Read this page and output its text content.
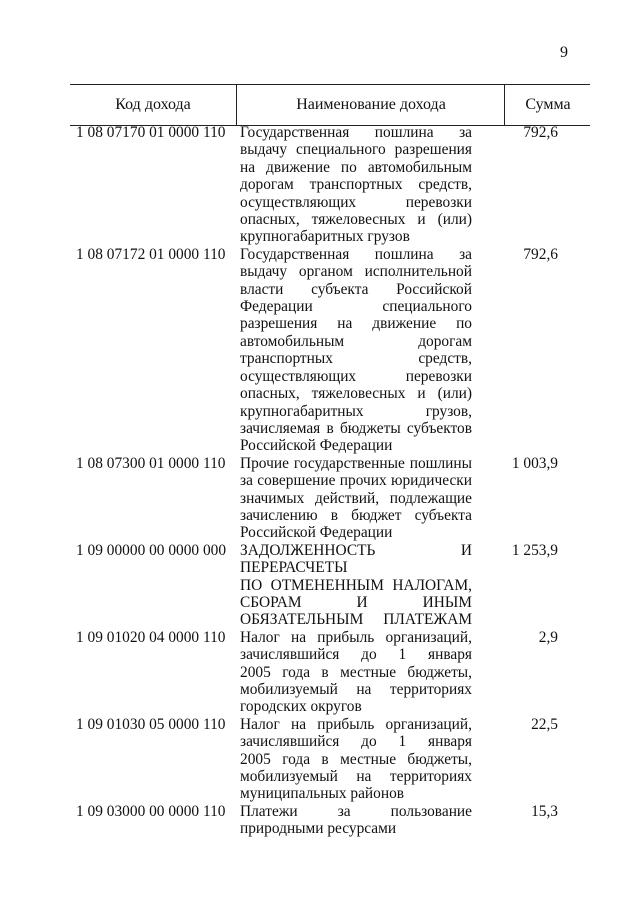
9
Код дохода	Наименование дохода	Сумма
1 08 07170 01 0000 110 Государственная пошлина за
выдачу специального разрешения
на движение по автомобильным
дорогам транспортных средств,
осуществляющих перевозки
опасных, тяжеловесных и (или)
крупногабаритных грузов
792,6
1 08 07172 01 0000 110 Государственная пошлина за
выдачу органом исполнительной
власти субъекта Российской
Федерации специального
разрешения на движение по
автомобильным дорогам
транспортных средств,
осуществляющих перевозки
опасных, тяжеловесных и (или)
крупногабаритных грузов,
зачисляемая в бюджеты субъектов
Российской Федерации
792,6
1 08 07300 01 0000 110 Прочие государственные пошлины
за совершение прочих юридически
значимых действий, подлежащие
зачислению в бюджет субъекта
Российской Федерации
1 003,9
1 09 00000 00 0000 000 ЗАДОЛЖЕННОСТЬ И
ПЕРЕРАСЧЕТЫ
ПО ОТМЕНЕННЫМ НАЛОГАМ,
СБОРАМ И ИНЫМ
ОБЯЗАТЕЛЬНЫМ ПЛАТЕЖАМ
1 253,9
1 09 01020 04 0000 110 Налог на прибыль организаций,
зачислявшийся до 1 января
2005 года в местные бюджеты,
мобилизуемый на территориях
городских округов
2,9
1 09 01030 05 0000 110 Налог на прибыль организаций,
зачислявшийся до 1 января
2005 года в местные бюджеты,
мобилизуемый на территориях
муниципальных районов
22,5
1 09 03000 00 0000 110 Платежи за пользование
природными ресурсами
15,3
